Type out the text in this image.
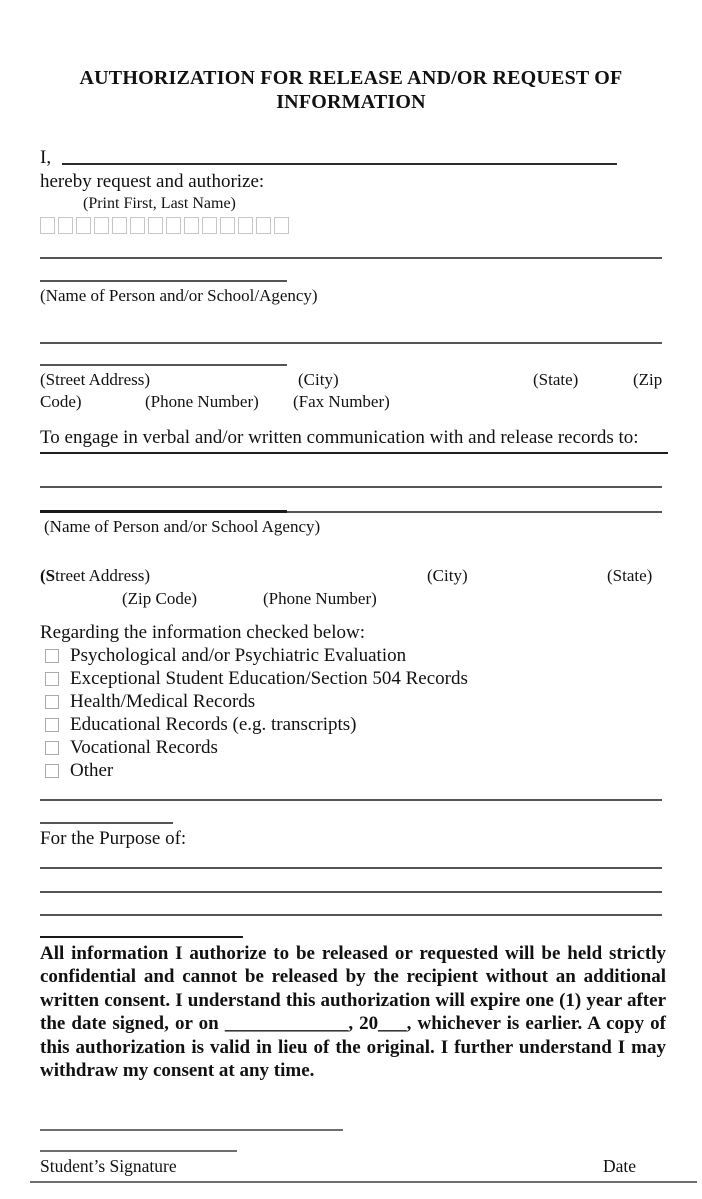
AUTHORIZATION FOR RELEASE AND/OR REQUEST OF
INFORMATION
I,
hereby request and authorize:
(Print First, Last Name)
(Name of Person and/or School/Agency)
(Street Address)	(City)	(State)	(Zip
Code)	(Phone Number) (Fax Number)
To engage in verbal and/or written communication with and release records to:
(Name of Person and/or School Agency)
(Street Address)	(City)	(State)
(Zip Code)	(Phone Number)
Regarding the information checked below:
Psychological and/or Psychiatric Evaluation
Exceptional Student Education/Section 504 Records
Health/Medical Records
Educational Records (e.g. transcripts)
Vocational Records
Other
For the Purpose of:
All information I authorize to be released or requested will be held strictly confidential and cannot be released by the recipient without an additional written consent. I understand this authorization will expire one (1) year after the date signed, or on _____________, 20___, whichever is earlier. A copy of this authorization is valid in lieu of the original. I further understand I may withdraw my consent at any time.
Student’s Signature	Date
